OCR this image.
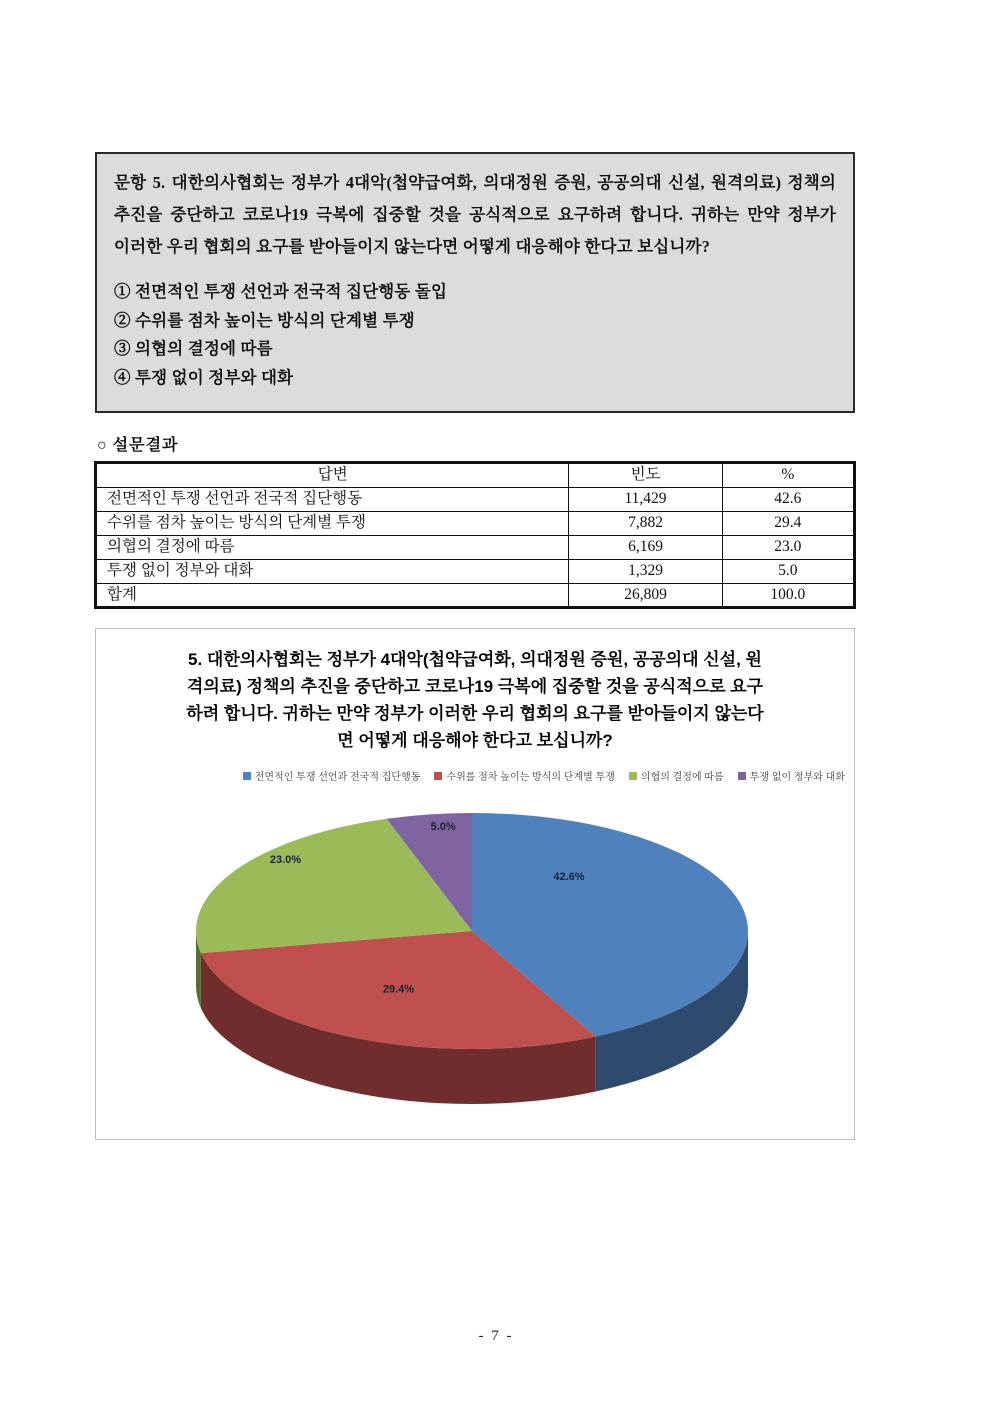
문항 5. 대한의사협회는 정부가 4대악(첩약급여화, 의대정원 증원, 공공의대 신설, 원격의료) 정책의 추진을 중단하고 코로나19 극복에 집중할 것을 공식적으로 요구하려 합니다. 귀하는 만약 정부가 이러한 우리 협회의 요구를 받아들이지 않는다면 어떻게 대응해야 한다고 보십니까?

① 전면적인 투쟁 선언과 전국적 집단행동 돌입
② 수위를 점차 높이는 방식의 단계별 투쟁
③ 의협의 결정에 따름
④ 투쟁 없이 정부와 대화
○ 설문결과
답변	빈도	%
전면적인 투쟁 선언과 전국적 집단행동	11,429	42.6
수위를 점차 높이는 방식의 단계별 투쟁	7,882	29.4
의협의 결정에 따름	6,169	23.0
투쟁 없이 정부와 대화	1,329	5.0
합계	26,809	100.0
5. 대한의사협회는 정부가 4대악(첩약급여화, 의대정원 증원, 공공의대 신설, 원
격의료) 정책의 추진을 중단하고 코로나19 극복에 집중할 것을 공식적으로 요구
하려 합니다. 귀하는 만약 정부가 이러한 우리 협회의 요구를 받아들이지 않는다
면 어떻게 대응해야 한다고 보십니까?
전면적인 투쟁 선언과 전국적 집단행동	수위를 점차 높이는 방식의 단계별 투쟁	의협의 결정에 따름	투쟁 없이 정부와 대화
42.6%
29.4%
23.0%
5.0%
- 7 -
